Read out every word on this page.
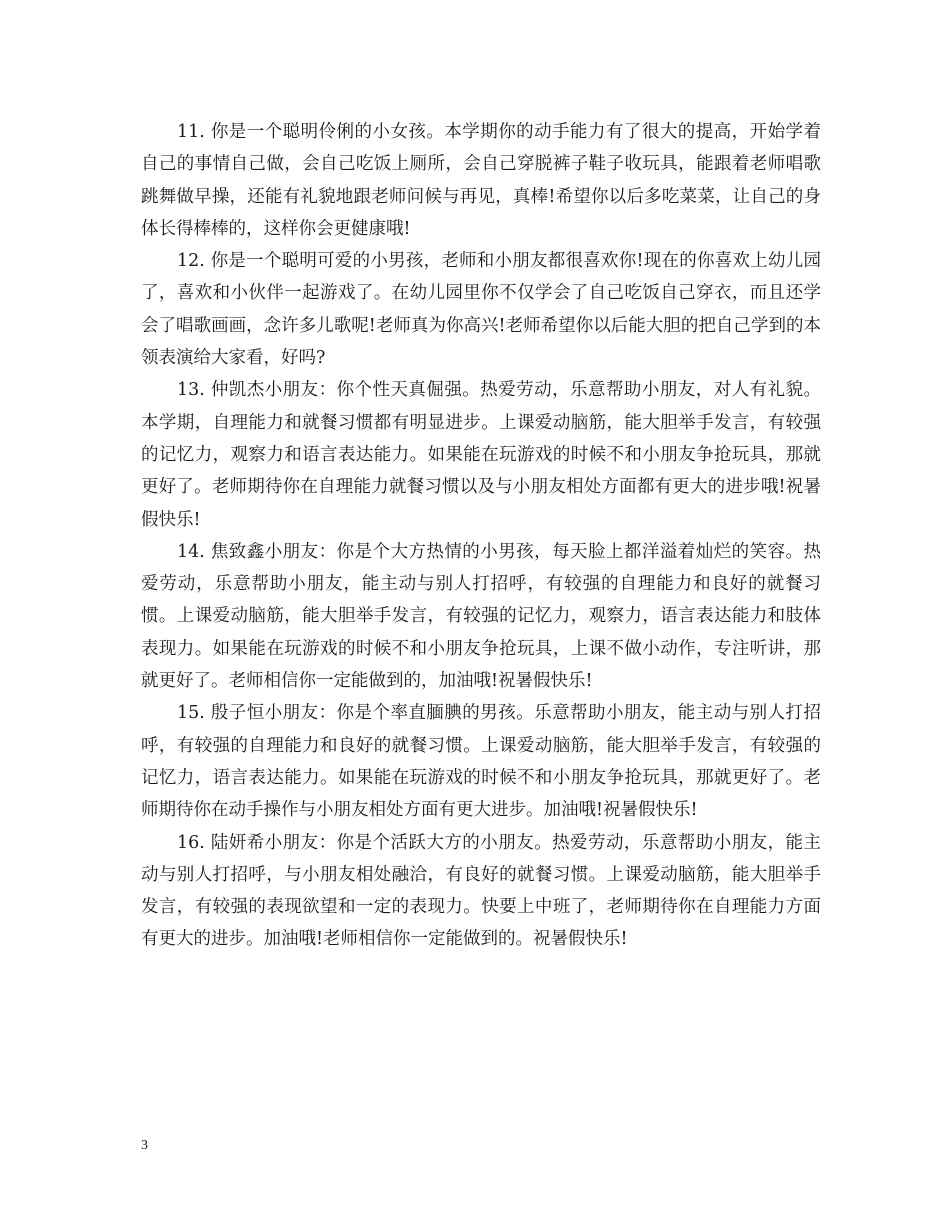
11. 你是一个聪明伶俐的小女孩。本学期你的动手能力有了很大的提高，开始学着自己的事情自己做，会自己吃饭上厕所，会自己穿脱裤子鞋子收玩具，能跟着老师唱歌跳舞做早操，还能有礼貌地跟老师问候与再见，真棒!希望你以后多吃菜菜，让自己的身体长得棒棒的，这样你会更健康哦!

12. 你是一个聪明可爱的小男孩，老师和小朋友都很喜欢你!现在的你喜欢上幼儿园了，喜欢和小伙伴一起游戏了。在幼儿园里你不仅学会了自己吃饭自己穿衣，而且还学会了唱歌画画，念许多儿歌呢!老师真为你高兴!老师希望你以后能大胆的把自己学到的本领表演给大家看，好吗?

13. 仲凯杰小朋友：你个性天真倔强。热爱劳动，乐意帮助小朋友，对人有礼貌。本学期，自理能力和就餐习惯都有明显进步。上课爱动脑筋，能大胆举手发言，有较强的记忆力，观察力和语言表达能力。如果能在玩游戏的时候不和小朋友争抢玩具，那就更好了。老师期待你在自理能力就餐习惯以及与小朋友相处方面都有更大的进步哦!祝暑假快乐!

14. 焦致鑫小朋友：你是个大方热情的小男孩，每天脸上都洋溢着灿烂的笑容。热爱劳动，乐意帮助小朋友，能主动与别人打招呼，有较强的自理能力和良好的就餐习惯。上课爱动脑筋，能大胆举手发言，有较强的记忆力，观察力，语言表达能力和肢体表现力。如果能在玩游戏的时候不和小朋友争抢玩具，上课不做小动作，专注听讲，那就更好了。老师相信你一定能做到的，加油哦!祝暑假快乐!

15. 殷子恒小朋友：你是个率直腼腆的男孩。乐意帮助小朋友，能主动与别人打招呼，有较强的自理能力和良好的就餐习惯。上课爱动脑筋，能大胆举手发言，有较强的记忆力，语言表达能力。如果能在玩游戏的时候不和小朋友争抢玩具，那就更好了。老师期待你在动手操作与小朋友相处方面有更大进步。加油哦!祝暑假快乐!

16. 陆妍希小朋友：你是个活跃大方的小朋友。热爱劳动，乐意帮助小朋友，能主动与别人打招呼，与小朋友相处融洽，有良好的就餐习惯。上课爱动脑筋，能大胆举手发言，有较强的表现欲望和一定的表现力。快要上中班了，老师期待你在自理能力方面有更大的进步。加油哦!老师相信你一定能做到的。祝暑假快乐!

3
